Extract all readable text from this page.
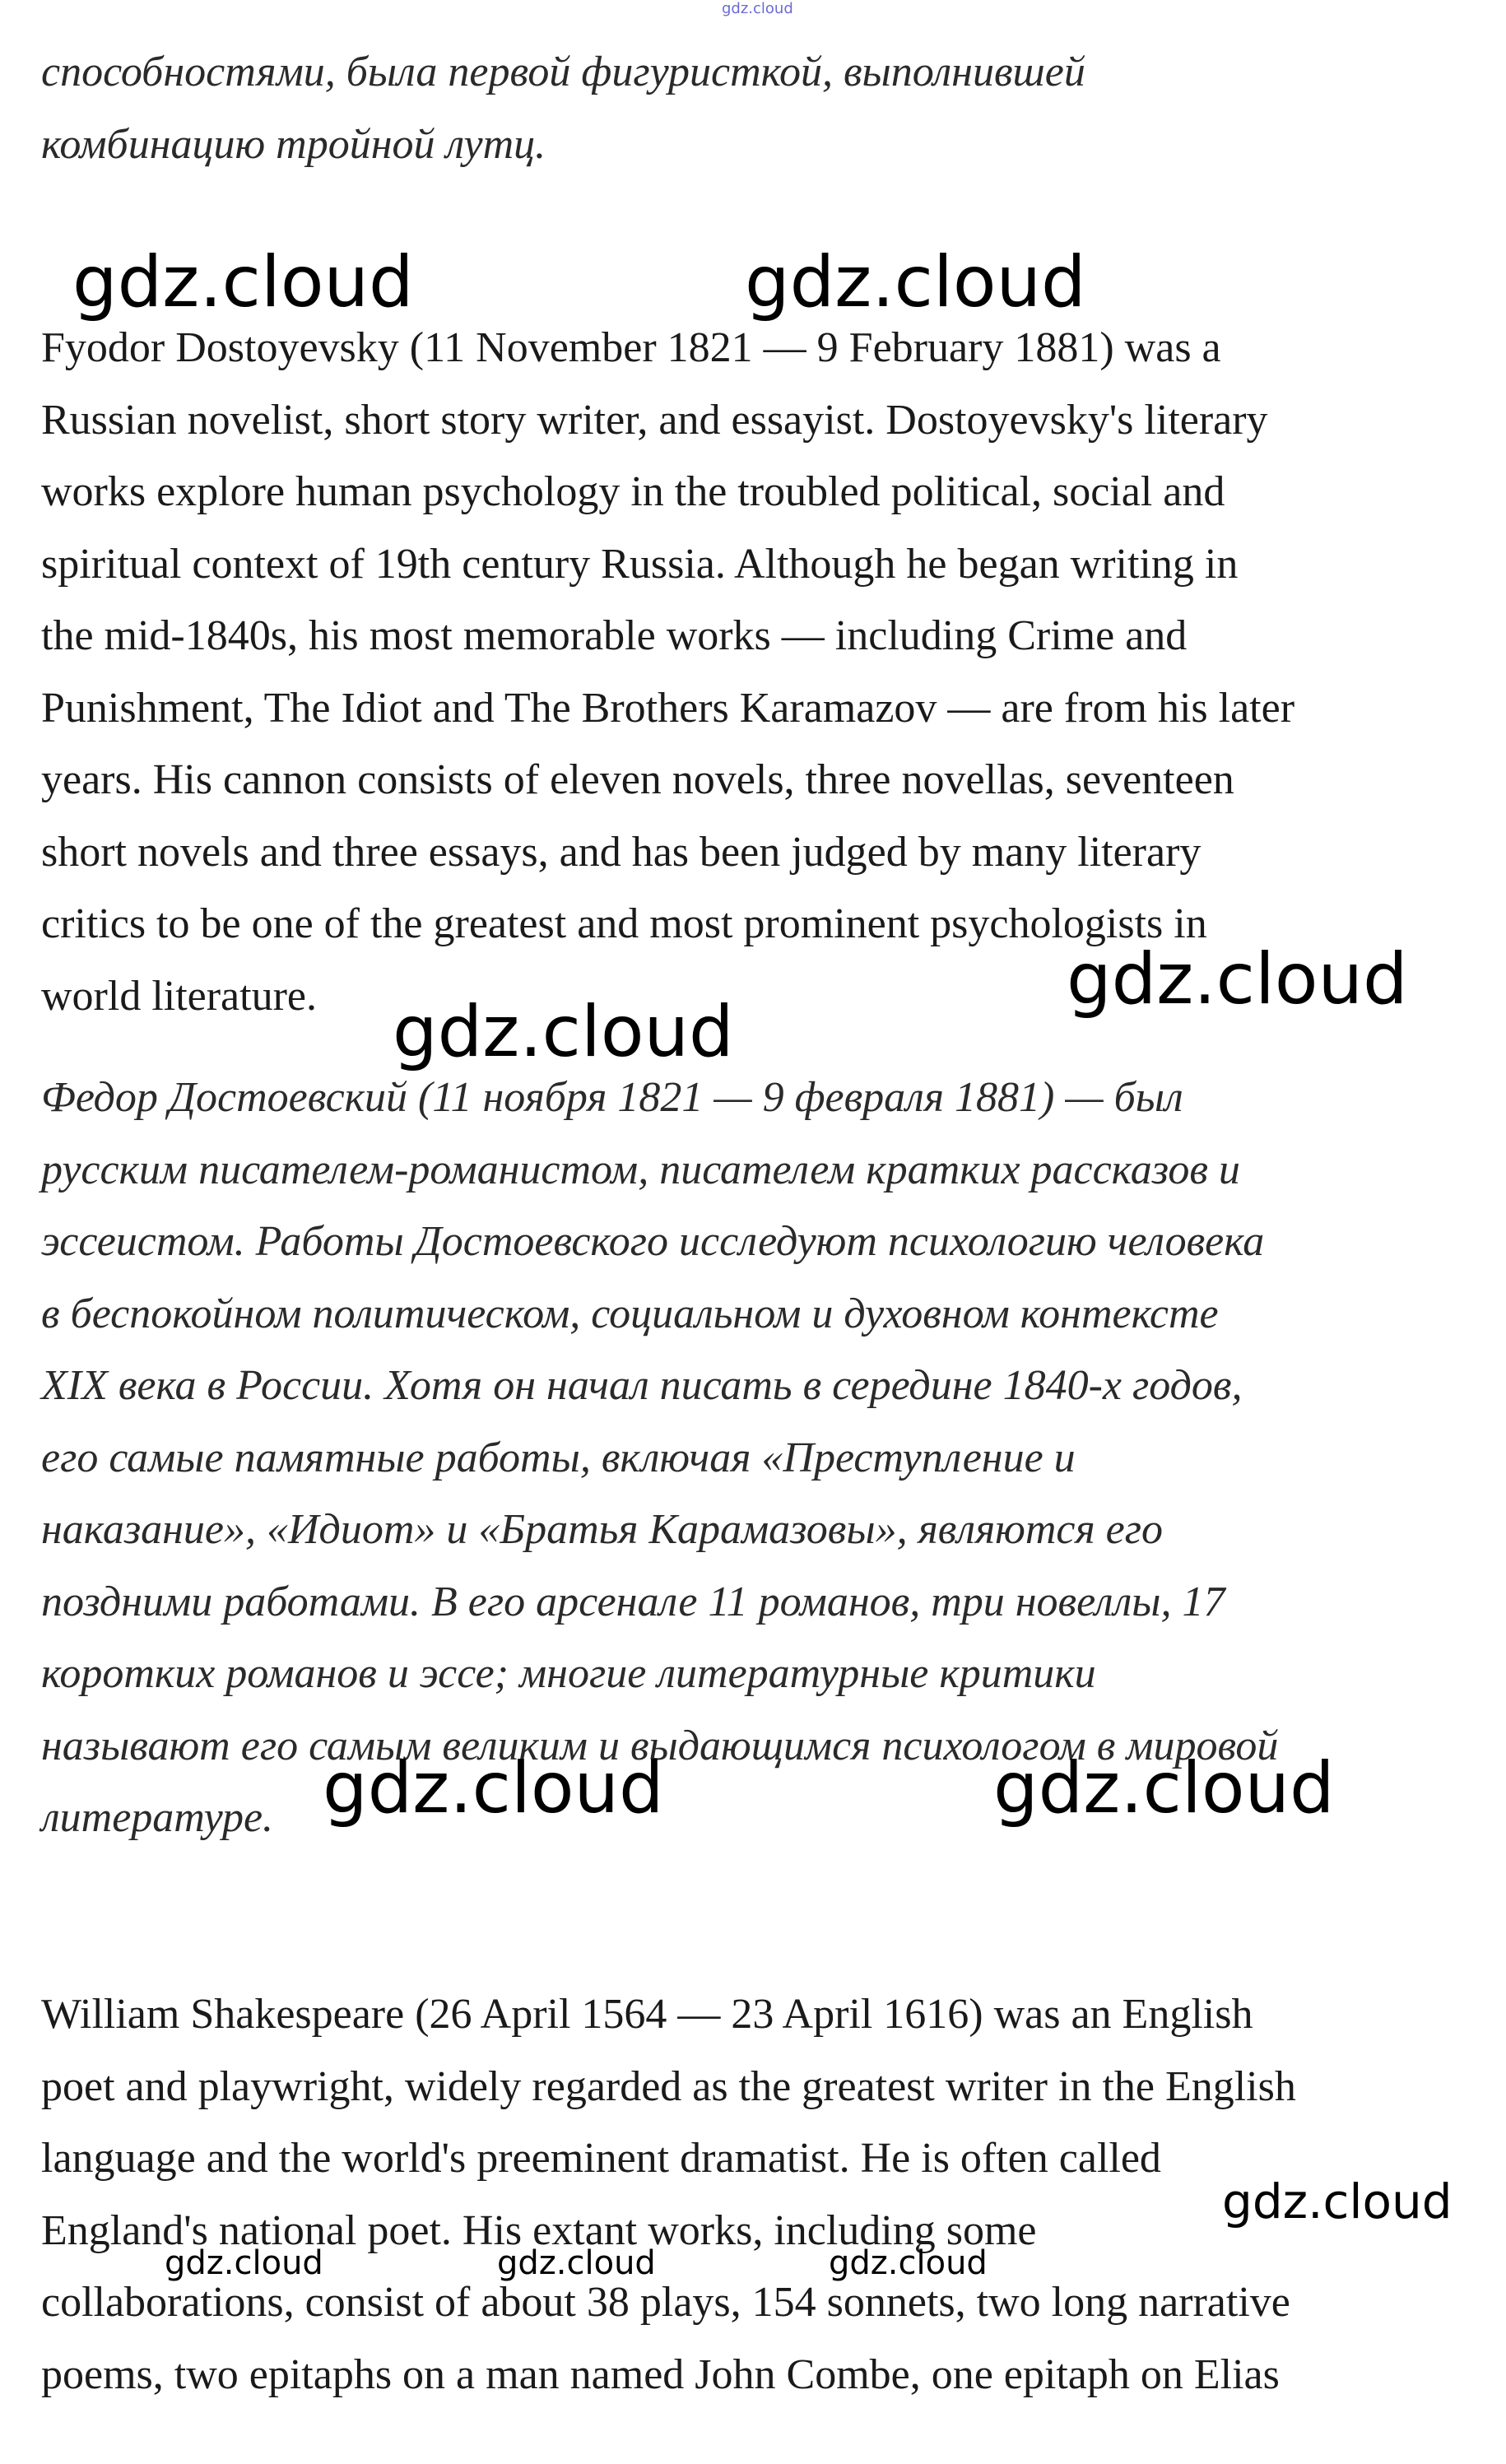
gdz.cloud

способностями, была первой фигуристкой, выполнившей
комбинацию тройной лутц.

gdz.cloud	gdz.cloud

Fyodor Dostoyevsky (11 November 1821 — 9 February 1881) was a
Russian novelist, short story writer, and essayist. Dostoyevsky's literary
works explore human psychology in the troubled political, social and
spiritual context of 19th century Russia. Although he began writing in
the mid-1840s, his most memorable works — including Crime and
Punishment, The Idiot and The Brothers Karamazov — are from his later
years. His cannon consists of eleven novels, three novellas, seventeen
short novels and three essays, and has been judged by many literary
critics to be one of the greatest and most prominent psychologists in
world literature.	gdz.cloud
gdz.cloud

Федор Достоевский (11 ноября 1821 — 9 февраля 1881) — был
русским писателем-романистом, писателем кратких рассказов и
эссеистом. Работы Достоевского исследуют психологию человека
в беспокойном политическом, социальном и духовном контексте
XIX века в России. Хотя он начал писать в середине 1840-х годов,
его самые памятные работы, включая «Преступление и
наказание», «Идиот» и «Братья Карамазовы», являются его
поздними работами. В его арсенале 11 романов, три новеллы, 17
коротких романов и эссе; многие литературные критики
называют его самым великим и выдающимся психологом в мировой
литературе. gdz.cloud	gdz.cloud

William Shakespeare (26 April 1564 — 23 April 1616) was an English
poet and playwright, widely regarded as the greatest writer in the English
language and the world's preeminent dramatist. He is often called
England's national poet. His extant works, including some
collaborations, consist of about 38 plays, 154 sonnets, two long narrative
poems, two epitaphs on a man named John Combe, one epitaph on Elias

gdz.cloud
gdz.cloud	gdz.cloud	gdz.cloud
